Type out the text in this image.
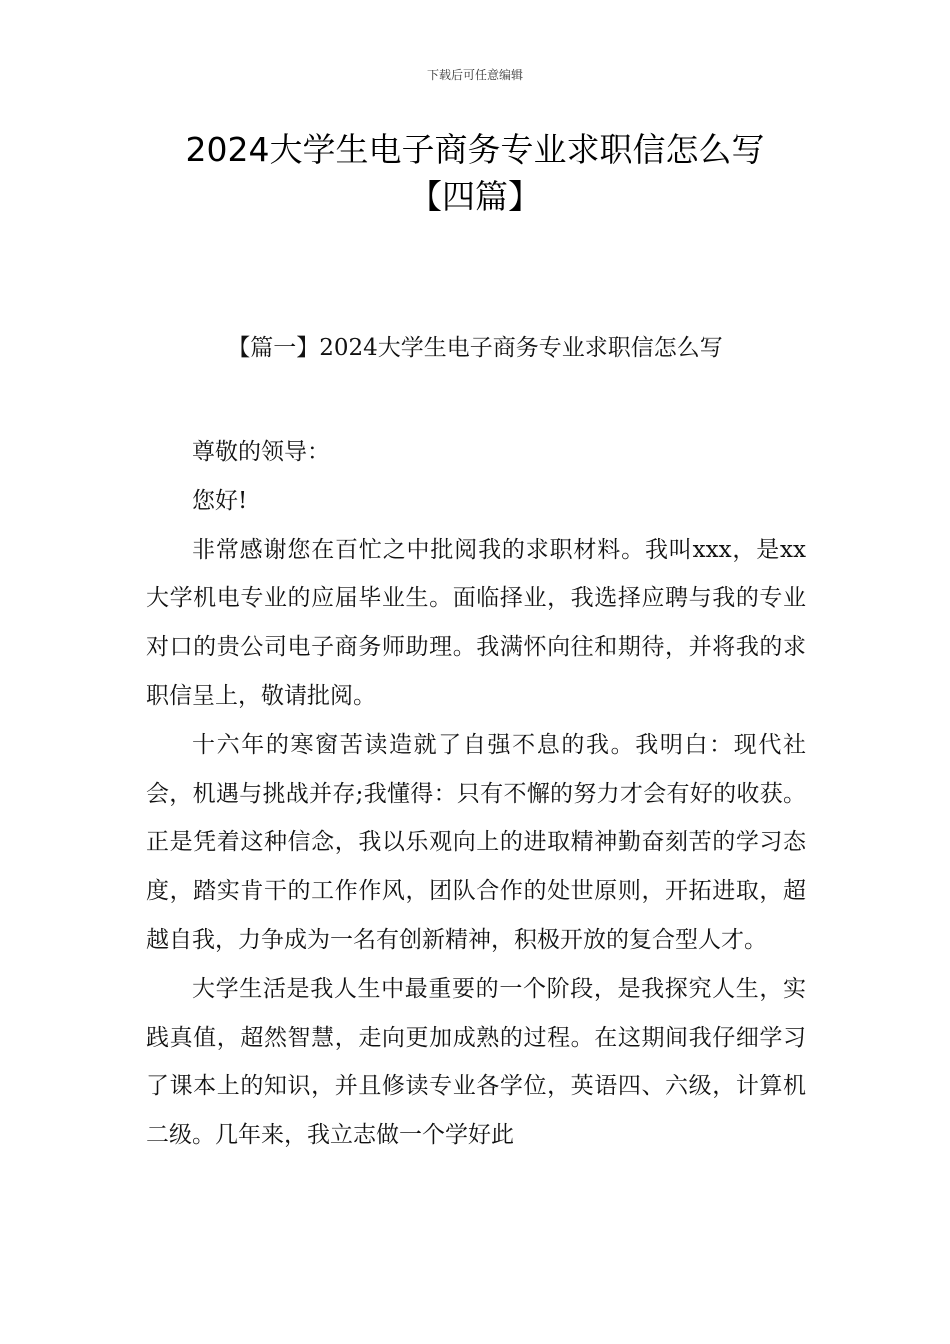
下载后可任意编辑
2024大学生电子商务专业求职信怎么写
【四篇】
【篇一】2024大学生电子商务专业求职信怎么写

尊敬的领导：

您好!

非常感谢您在百忙之中批阅我的求职材料。我叫xxx，是xx大学机电专业的应届毕业生。面临择业，我选择应聘与我的专业对口的贵公司电子商务师助理。我满怀向往和期待，并将我的求职信呈上，敬请批阅。

十六年的寒窗苦读造就了自强不息的我。我明白：现代社会，机遇与挑战并存;我懂得：只有不懈的努力才会有好的收获。正是凭着这种信念，我以乐观向上的进取精神勤奋刻苦的学习态度，踏实肯干的工作作风，团队合作的处世原则，开拓进取，超越自我，力争成为一名有创新精神，积极开放的复合型人才。

大学生活是我人生中最重要的一个阶段，是我探究人生，实践真值，超然智慧，走向更加成熟的过程。在这期间我仔细学习了课本上的知识，并且修读专业各学位，英语四、六级，计算机二级。几年来，我立志做一个学好此
